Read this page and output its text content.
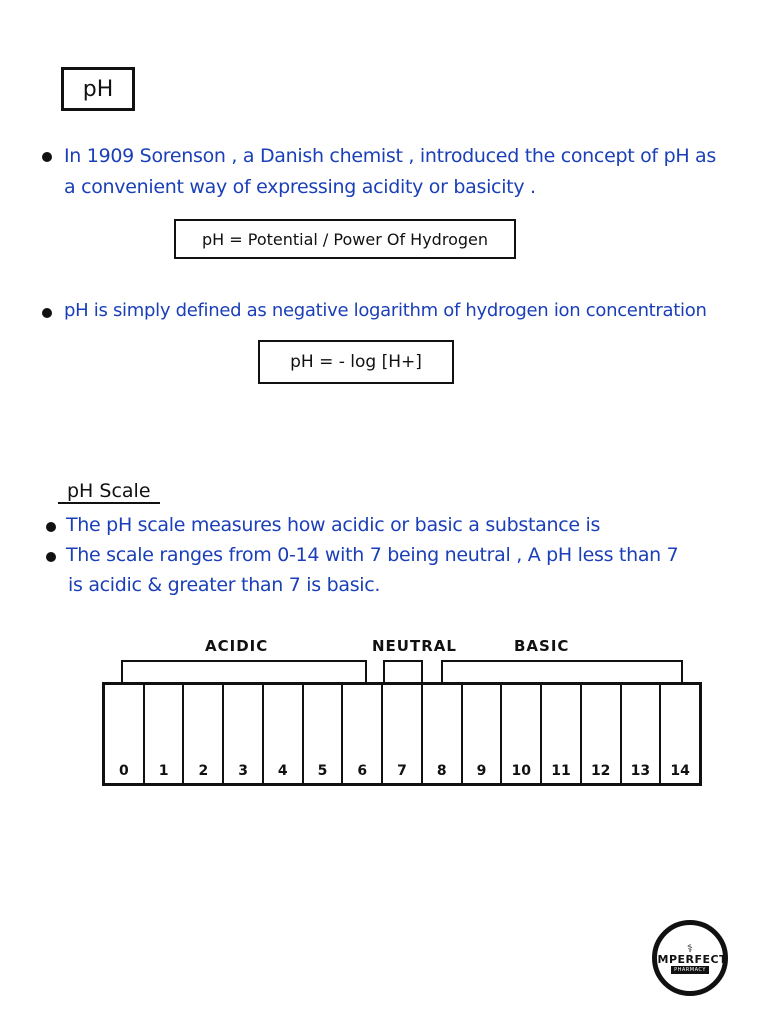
pH
In 1909 Sorenson , a Danish chemist , introduced the concept of pH as
a convenient way of expressing acidity or basicity .
pH = Potential / Power Of Hydrogen
pH is simply defined as negative logarithm of hydrogen ion concentration
pH = - log [H+]
pH Scale
The pH scale measures how acidic or basic a substance is
The scale ranges from 0-14 with 7 being neutral , A pH less than 7
is acidic & greater than 7 is basic.
ACIDIC	NEUTRAL	BASIC
0	1	2	3	4	5	6	7	8	9	10	11	12	13	14
⚕
IMPERFECT
PHARMACY
